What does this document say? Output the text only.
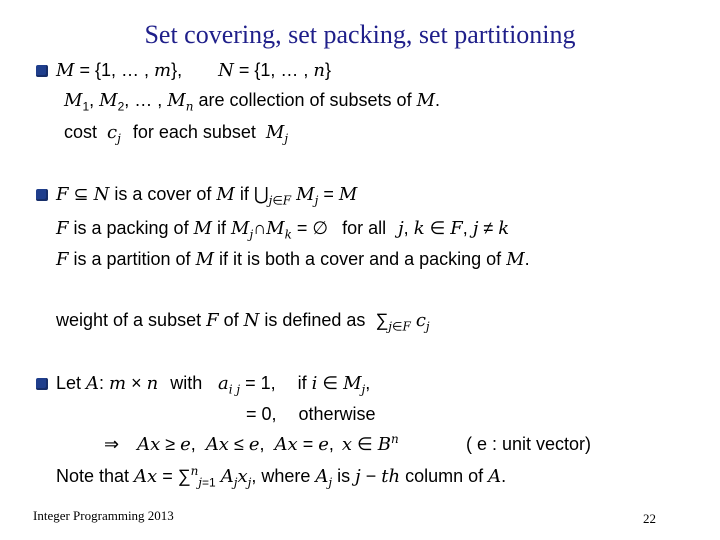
Set covering, set packing, set partitioning
M = {1, … , m}, N = {1, … , n}
$M_1$, $M_2$, … , $M_n$ are collection of subsets of M.
cost $c_j$ for each subset $M_j$
F ⊆ N is a cover of M if $⋃_{j\in F}$ $M_j = M$
F is a packing of M if $M_j\cap M_k$ = ∅ for all j, k ∈ F, j ≠ k
F is a partition of M if it is both a cover and a packing of M.
weight of a subset F of N is defined as $\sum_{j\in F}$ $c_j$
Let A: m × n with $a_{i j} = 1$, if i ∈ $M_j$,
= 0, otherwise
⇒ Ax ≥ e, Ax ≤ e, Ax = e, x ∈ $B^n$	( e : unit vector)
Note that Ax = ∑$^n_{j=1}$ $A_jx_j$, where $A_j$ is j − th column of A.
Integer Programming 2013	22
